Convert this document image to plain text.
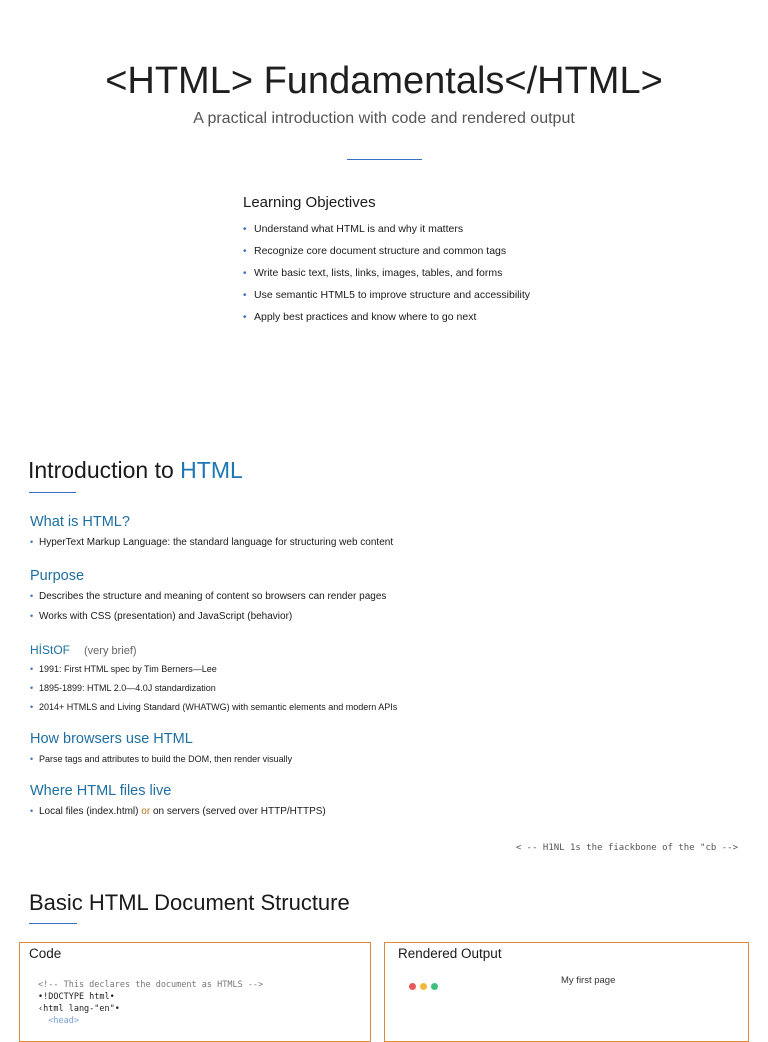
<HTML> Fundamentals</HTML>

A practical introduction with code and rendered output

Learning Objectives
• Understand what HTML is and why it matters
• Recognize core document structure and common tags
• Write basic text, lists, links, images, tables, and forms
• Use semantic HTML5 to improve structure and accessibility
• Apply best practices and know where to go next
Introduction to HTML
What is HTML?
• HyperText Markup Language: the standard language for structuring web content
Purpose
• Describes the structure and meaning of content so browsers can render pages
• Works with CSS (presentation) and JavaScript (behavior)
HİStOF (very brief)
• 1991: First HTML spec by Tim Berners—Lee
• 1895-1899: HTML 2.0—4.0J standardization
• 2014+ HTMLS and Living Standard (WHATWG) with semantic elements and modern APIs
How browsers use HTML
• Parse tags and attributes to build the DOM, then render visually
Where HTML files live
• Local files (index.html) or on servers (served over HTTP/HTTPS)
< -- H1NL 1s the fiackbone of the "cb -->
Basic HTML Document Structure
Code
<!-- This declares the document as HTMLS -->
•!DOCTYPE html•
‹html lang-"en"•
<head>
Rendered Output
My first page
